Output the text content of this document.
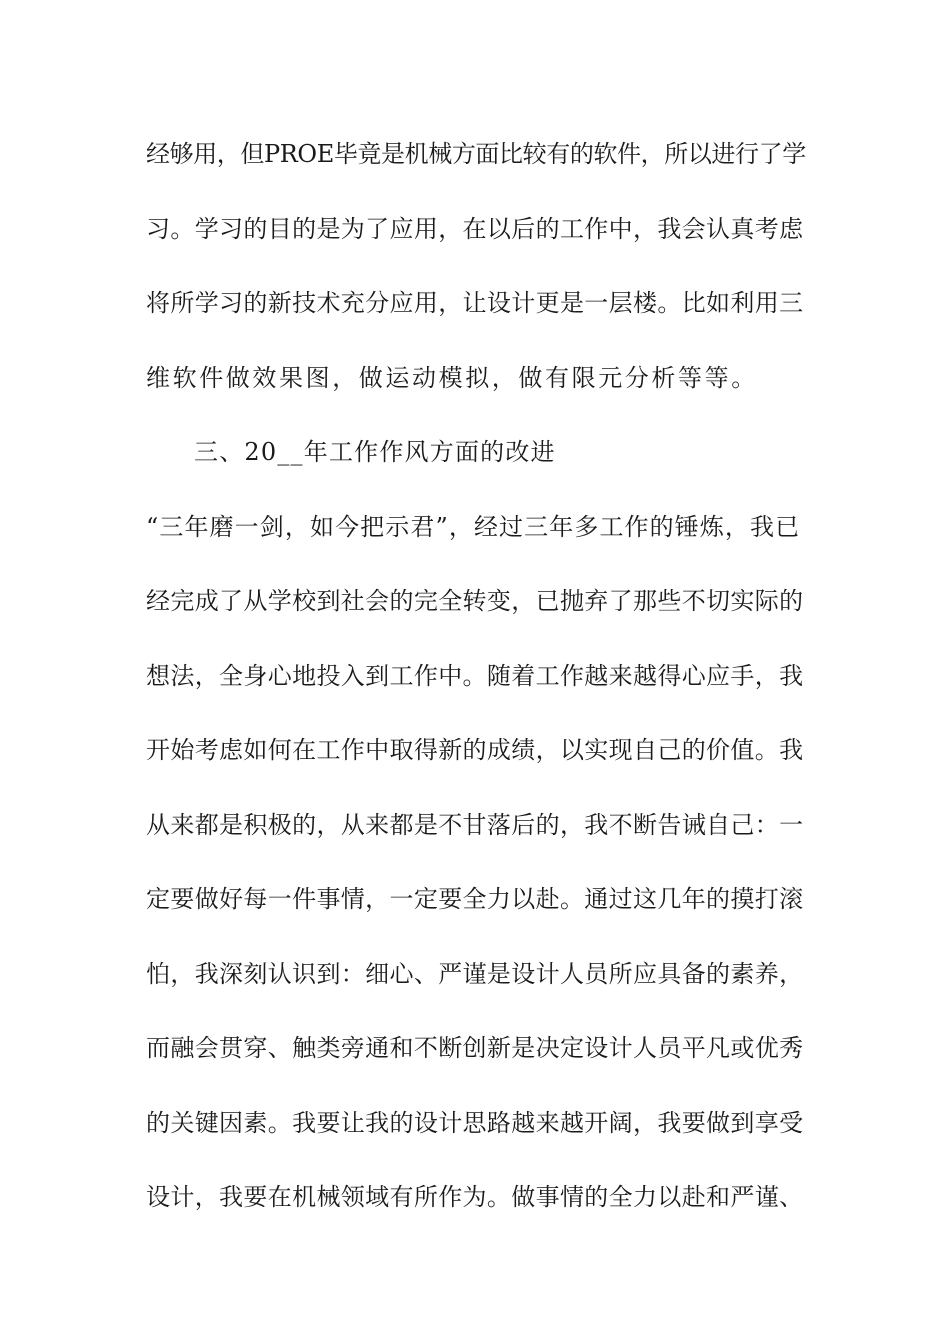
经够用，但PROE毕竟是机械方面比较有的软件，所以进行了学
习。学习的目的是为了应用，在以后的工作中，我会认真考虑
将所学习的新技术充分应用，让设计更是一层楼。比如利用三
维软件做效果图，做运动模拟，做有限元分析等等。
三、20__年工作作风方面的改进
“三年磨一剑，如今把示君”，经过三年多工作的锤炼，我已
经完成了从学校到社会的完全转变，已抛弃了那些不切实际的
想法，全身心地投入到工作中。随着工作越来越得心应手，我
开始考虑如何在工作中取得新的成绩，以实现自己的价值。我
从来都是积极的，从来都是不甘落后的，我不断告诫自己：一
定要做好每一件事情，一定要全力以赴。通过这几年的摸打滚
怕，我深刻认识到：细心、严谨是设计人员所应具备的素养，
而融会贯穿、触类旁通和不断创新是决定设计人员平凡或优秀
的关键因素。我要让我的设计思路越来越开阔，我要做到享受
设计，我要在机械领域有所作为。做事情的全力以赴和严谨、
